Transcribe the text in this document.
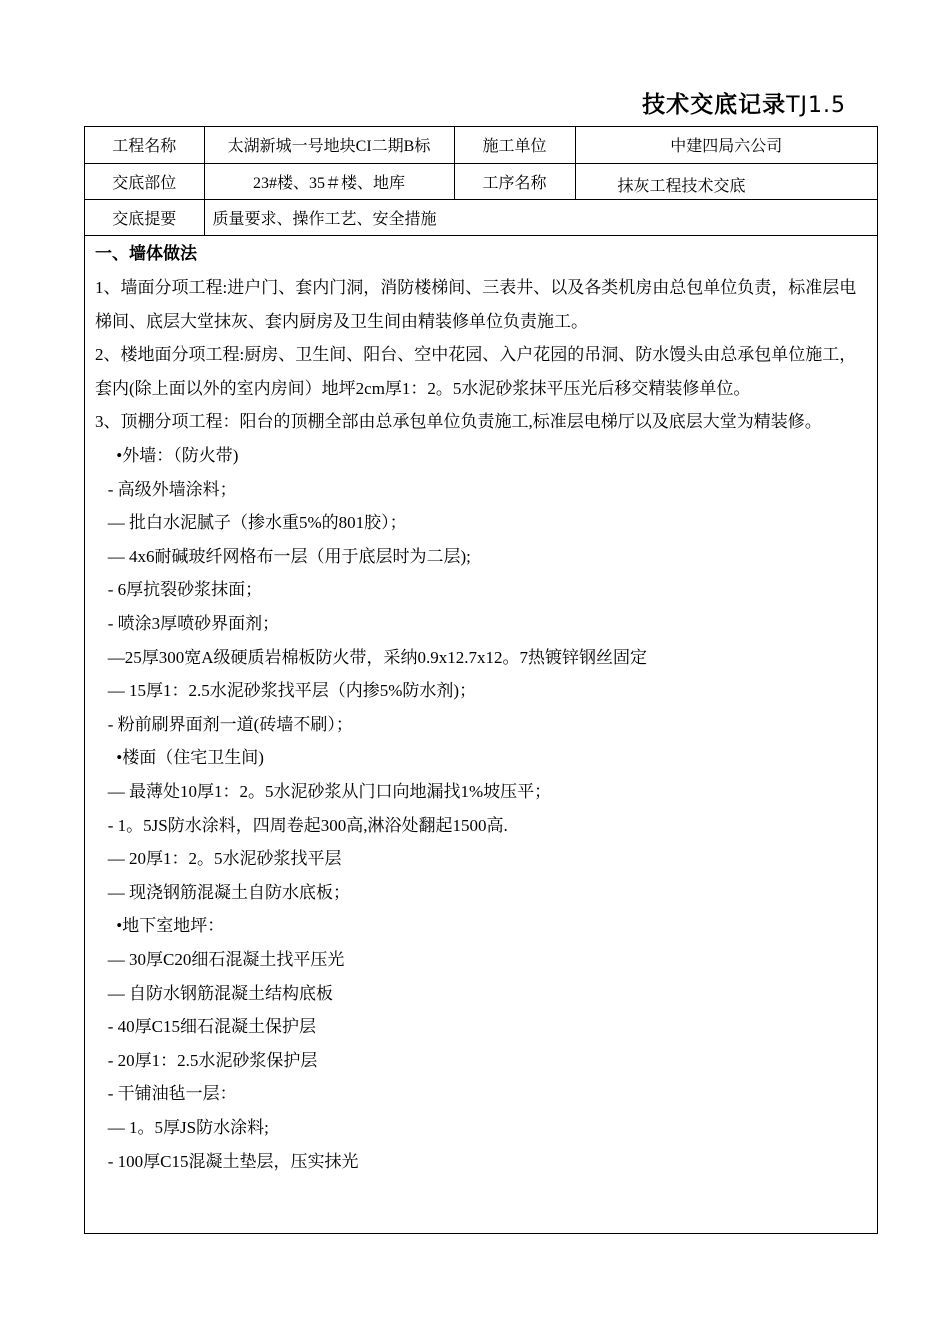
技术交底记录TJ1.5
工程名称	太湖新城一号地块CI二期B标	施工单位	中建四局六公司
交底部位	23#楼、35＃楼、地库	工序名称	抹灰工程技术交底
交底提要	质量要求、操作工艺、安全措施		
一、墙体做法

1、墙面分项工程:进户门、套内门洞，消防楼梯间、三表井、以及各类机房由总包单位负责，标准层电梯间、底层大堂抹灰、套内厨房及卫生间由精装修单位负责施工。

2、楼地面分项工程:厨房、卫生间、阳台、空中花园、入户花园的吊洞、防水馒头由总承包单位施工，套内(除上面以外的室内房间）地坪2cm厚1：2。5水泥砂浆抹平压光后移交精装修单位。

3、顶棚分项工程：阳台的顶棚全部由总承包单位负责施工,标准层电梯厅以及底层大堂为精装修。

•外墙：（防火带)
- 高级外墙涂料；
— 批白水泥腻子（掺水重5%的801胶）；
— 4x6耐碱玻纤网格布一层（用于底层时为二层);
- 6厚抗裂砂浆抹面；
- 喷涂3厚喷砂界面剂；
—25厚300宽A级硬质岩棉板防火带，采纳0.9x12.7x12。7热镀锌钢丝固定
— 15厚1：2.5水泥砂浆找平层（内掺5%防水剂)；
- 粉前刷界面剂一道(砖墙不刷）；
•楼面（住宅卫生间)
— 最薄处10厚1：2。5水泥砂浆从门口向地漏找1%坡压平；
- 1。5JS防水涂料，四周卷起300高,淋浴处翻起1500高.
— 20厚1：2。5水泥砂浆找平层
— 现浇钢筋混凝土自防水底板；
•地下室地坪：
— 30厚C20细石混凝土找平压光
— 自防水钢筋混凝土结构底板
- 40厚C15细石混凝土保护层
- 20厚1：2.5水泥砂浆保护层
- 干铺油毡一层：
— 1。5厚JS防水涂料;
- 100厚C15混凝土垫层，压实抹光
